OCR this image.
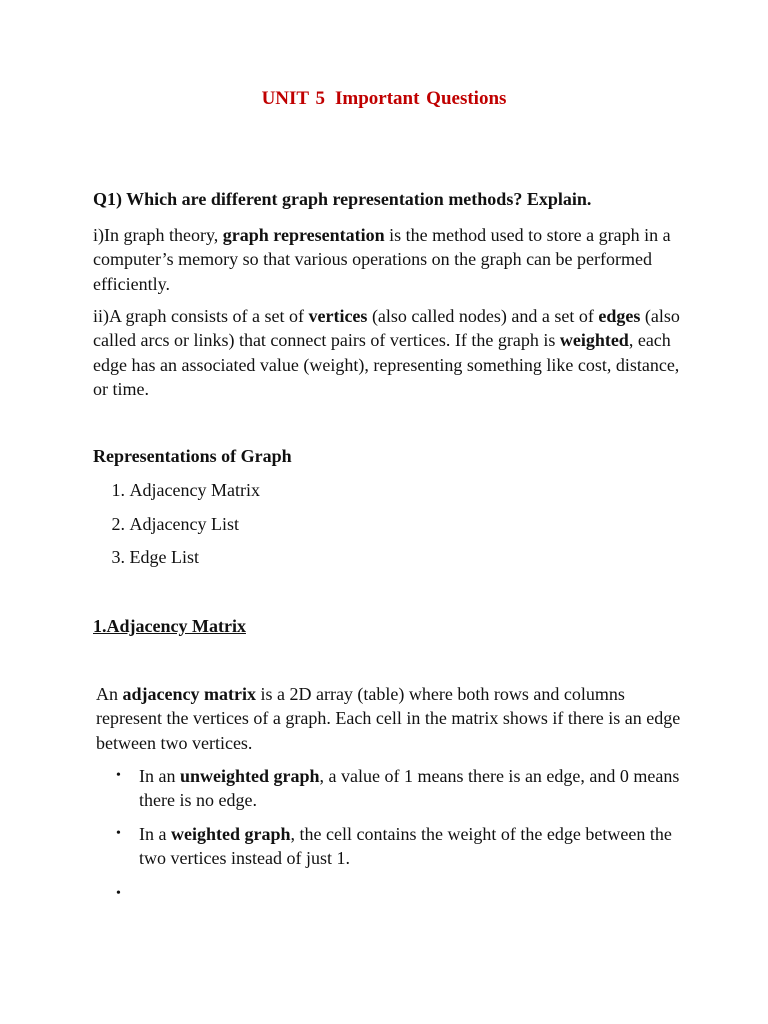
UNIT 5 Important Questions
Q1) Which are different graph representation methods? Explain.
i)In graph theory, graph representation is the method used to store a graph in a computer’s memory so that various operations on the graph can be performed efficiently.
ii)A graph consists of a set of vertices (also called nodes) and a set of edges (also called arcs or links) that connect pairs of vertices. If the graph is weighted, each edge has an associated value (weight), representing something like cost, distance, or time.
Representations of Graph
1. Adjacency Matrix
2. Adjacency List
3. Edge List
1.Adjacency Matrix
An adjacency matrix is a 2D array (table) where both rows and columns represent the vertices of a graph. Each cell in the matrix shows if there is an edge between two vertices.
•	In an unweighted graph, a value of 1 means there is an edge, and 0 means there is no edge.
•	In a weighted graph, the cell contains the weight of the edge between the two vertices instead of just 1.
•
